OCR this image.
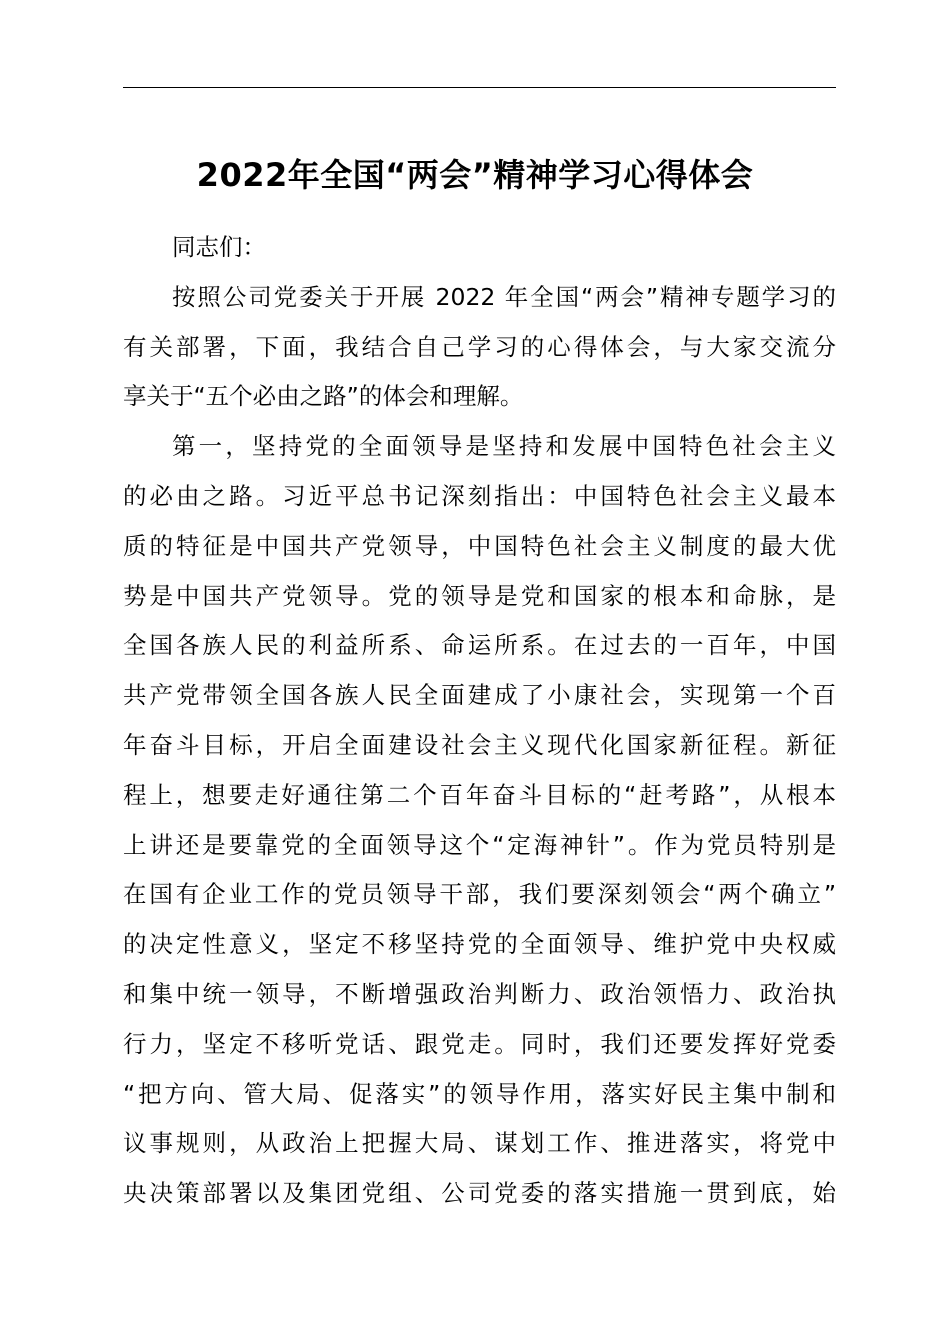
2022年全国“两会”精神学习心得体会
同志们：
按照公司党委关于开展 2022 年全国“两会”精神专题学习的
有关部署，下面，我结合自己学习的心得体会，与大家交流分
享关于“五个必由之路”的体会和理解。
第一，坚持党的全面领导是坚持和发展中国特色社会主义
的必由之路。习近平总书记深刻指出：中国特色社会主义最本
质的特征是中国共产党领导，中国特色社会主义制度的最大优
势是中国共产党领导。党的领导是党和国家的根本和命脉，是
全国各族人民的利益所系、命运所系。在过去的一百年，中国
共产党带领全国各族人民全面建成了小康社会，实现第一个百
年奋斗目标，开启全面建设社会主义现代化国家新征程。新征
程上，想要走好通往第二个百年奋斗目标的“赶考路”，从根本
上讲还是要靠党的全面领导这个“定海神针”。作为党员特别是
在国有企业工作的党员领导干部，我们要深刻领会“两个确立”
的决定性意义，坚定不移坚持党的全面领导、维护党中央权威
和集中统一领导，不断增强政治判断力、政治领悟力、政治执
行力，坚定不移听党话、跟党走。同时，我们还要发挥好党委
“把方向、管大局、促落实”的领导作用，落实好民主集中制和
议事规则，从政治上把握大局、谋划工作、推进落实，将党中
央决策部署以及集团党组、公司党委的落实措施一贯到底，始
